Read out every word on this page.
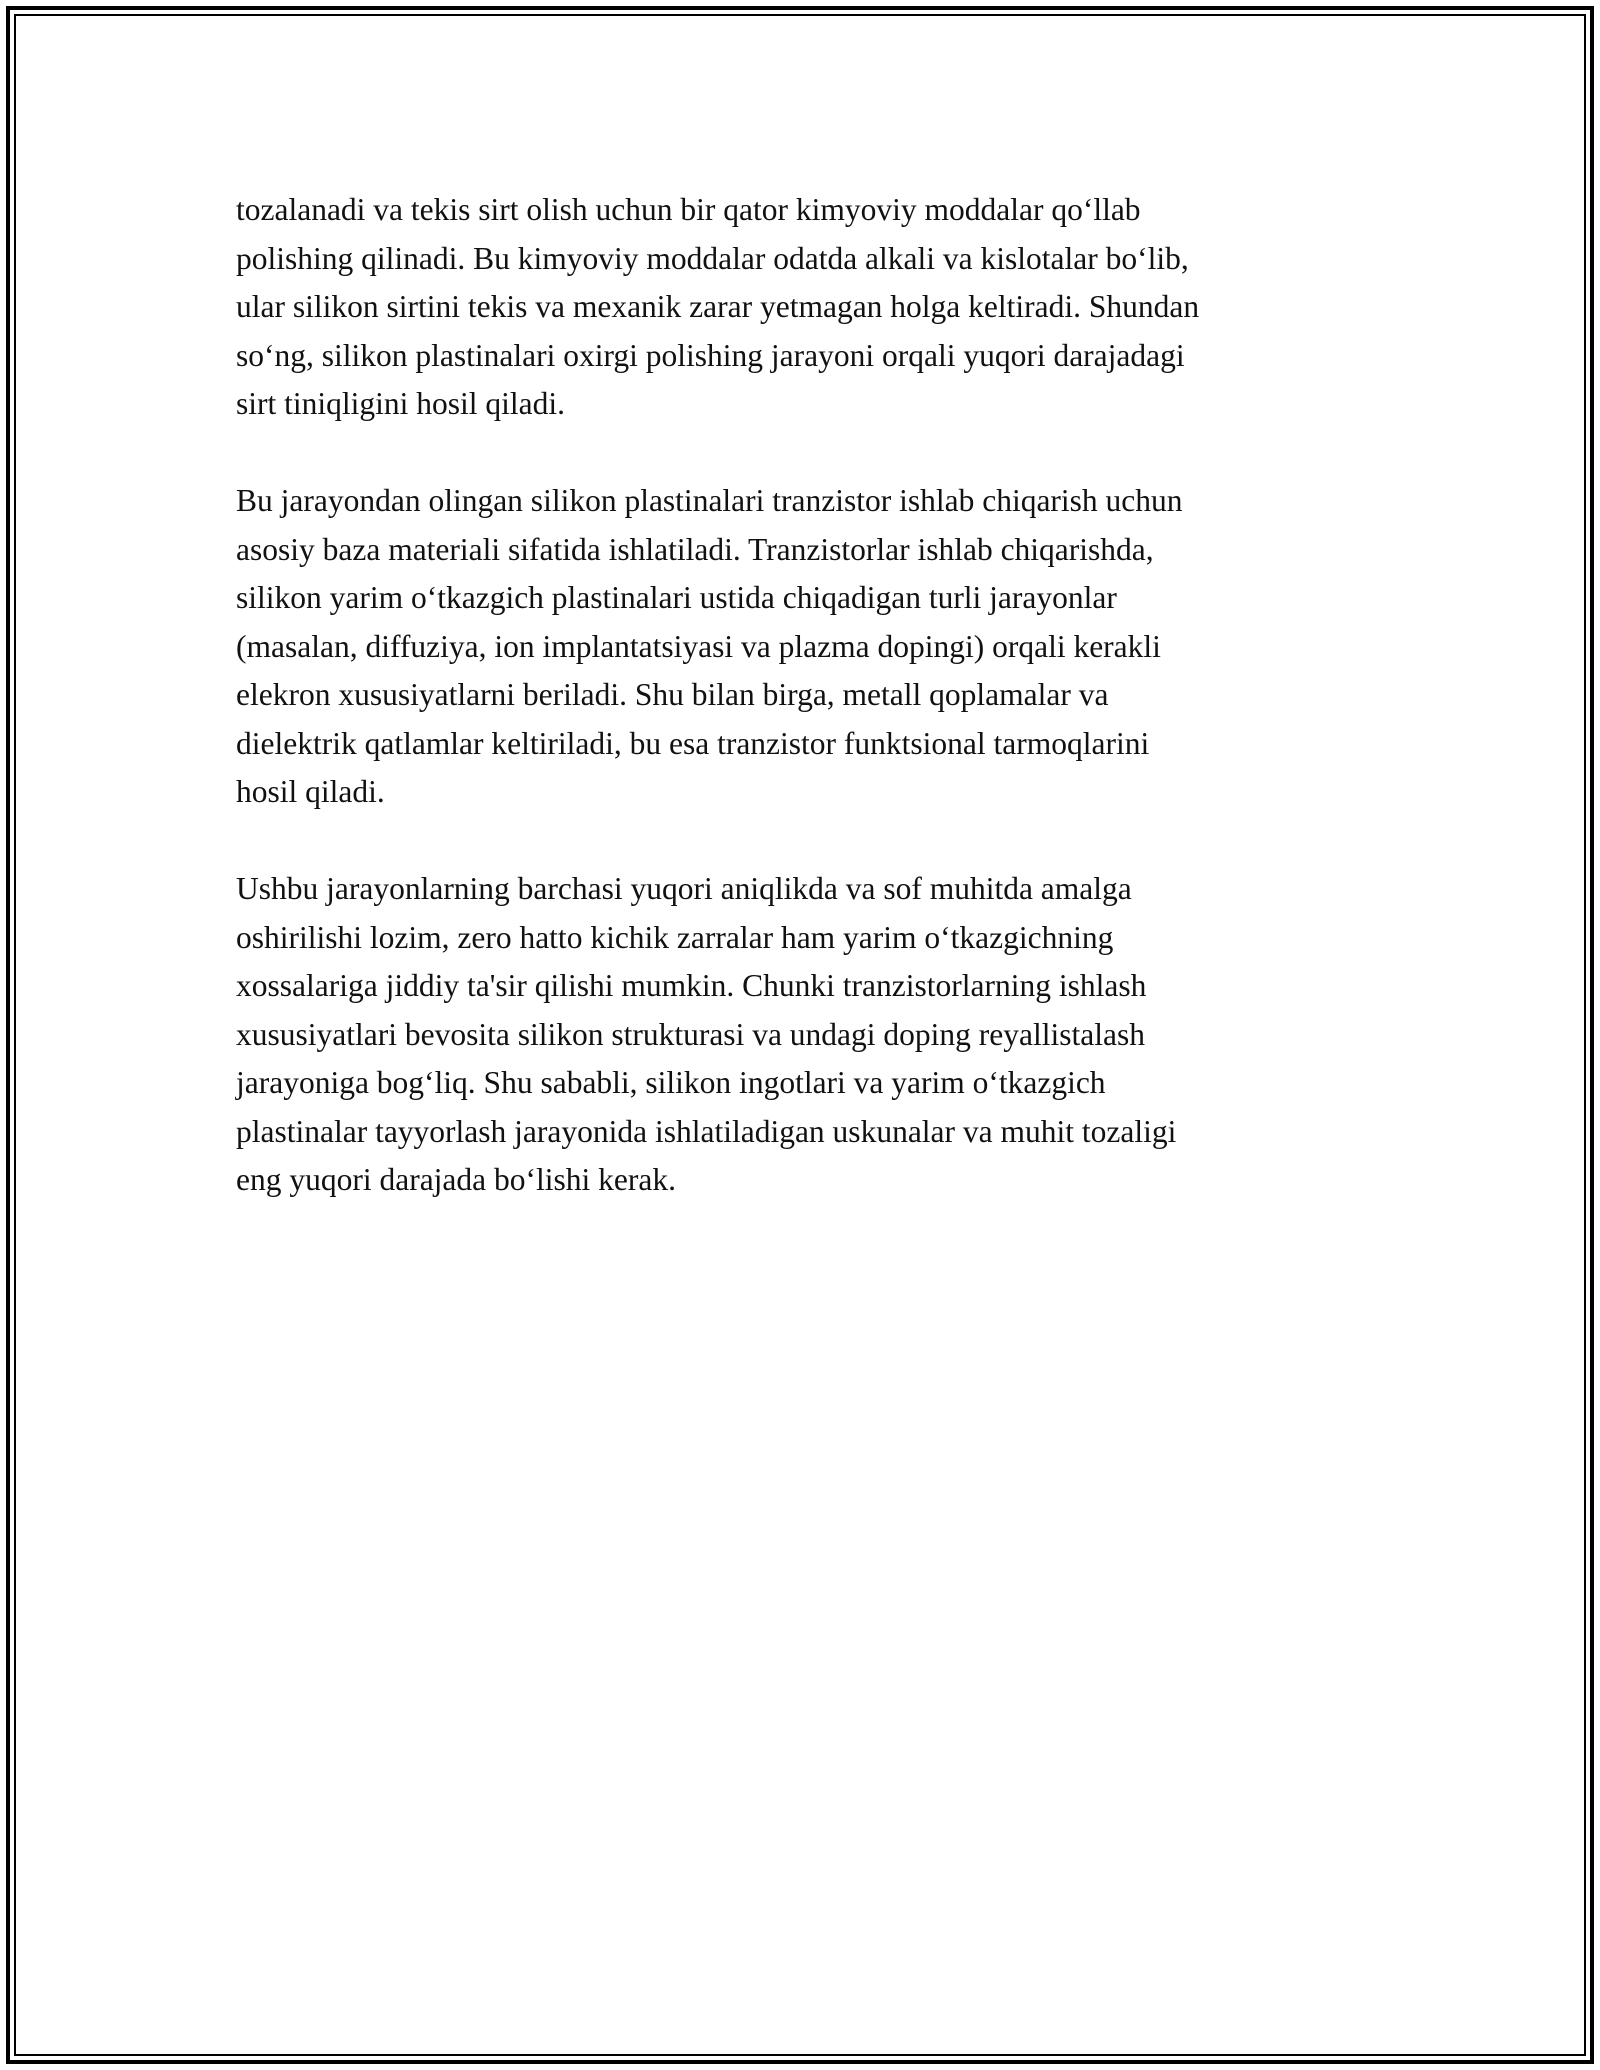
tozalanadi va tekis sirt olish uchun bir qator kimyoviy moddalar qo‘llab
polishing qilinadi. Bu kimyoviy moddalar odatda alkali va kislotalar bo‘lib,
ular silikon sirtini tekis va mexanik zarar yetmagan holga keltiradi. Shundan
so‘ng, silikon plastinalari oxirgi polishing jarayoni orqali yuqori darajadagi
sirt tiniqligini hosil qiladi.

Bu jarayondan olingan silikon plastinalari tranzistor ishlab chiqarish uchun
asosiy baza materiali sifatida ishlatiladi. Tranzistorlar ishlab chiqarishda,
silikon yarim o‘tkazgich plastinalari ustida chiqadigan turli jarayonlar
(masalan, diffuziya, ion implantatsiyasi va plazma dopingi) orqali kerakli
elekron xususiyatlarni beriladi. Shu bilan birga, metall qoplamalar va
dielektrik qatlamlar keltiriladi, bu esa tranzistor funktsional tarmoqlarini
hosil qiladi.

Ushbu jarayonlarning barchasi yuqori aniqlikda va sof muhitda amalga
oshirilishi lozim, zero hatto kichik zarralar ham yarim o‘tkazgichning
xossalariga jiddiy ta'sir qilishi mumkin. Chunki tranzistorlarning ishlash
xususiyatlari bevosita silikon strukturasi va undagi doping reyallistalash
jarayoniga bog‘liq. Shu sababli, silikon ingotlari va yarim o‘tkazgich
plastinalar tayyorlash jarayonida ishlatiladigan uskunalar va muhit tozaligi
eng yuqori darajada bo‘lishi kerak.
